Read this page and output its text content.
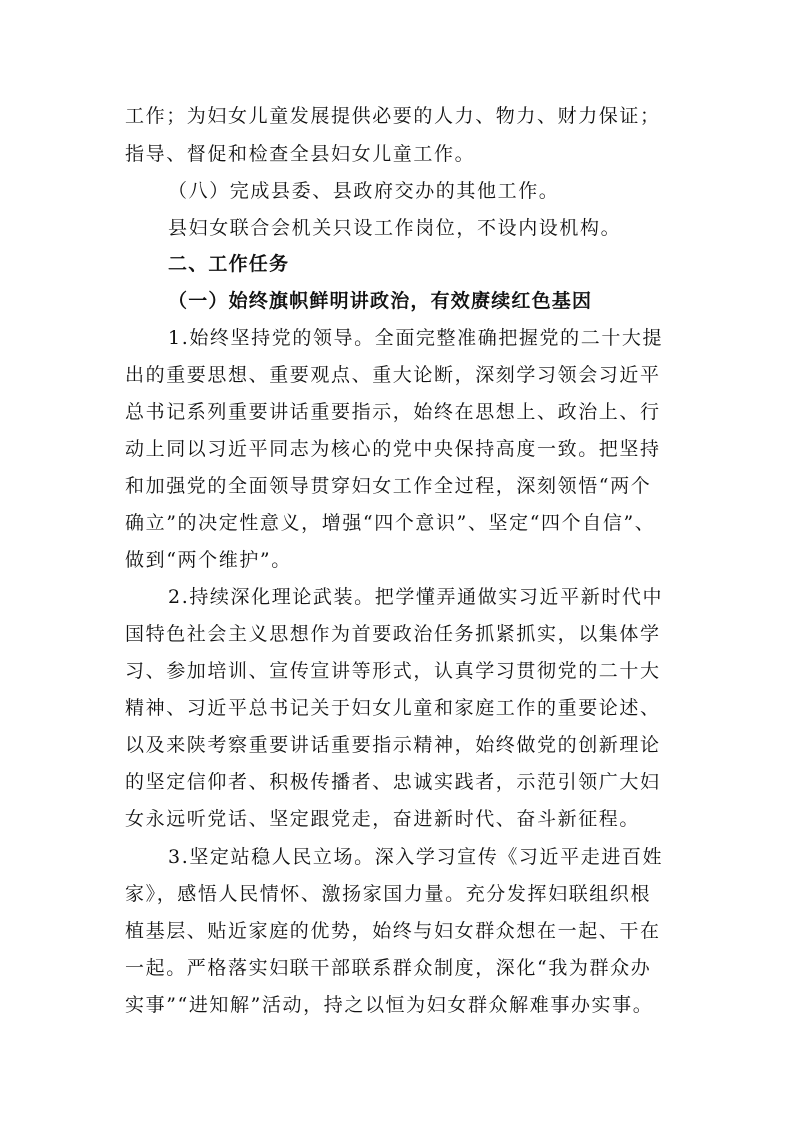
工作；为妇女儿童发展提供必要的人力、物力、财力保证；
指导、督促和检查全县妇女儿童工作。
（八）完成县委、县政府交办的其他工作。
县妇女联合会机关只设工作岗位，不设内设机构。
二、工作任务
（一）始终旗帜鲜明讲政治，有效赓续红色基因
1.始终坚持党的领导。全面完整准确把握党的二十大提
出的重要思想、重要观点、重大论断，深刻学习领会习近平
总书记系列重要讲话重要指示，始终在思想上、政治上、行
动上同以习近平同志为核心的党中央保持高度一致。把坚持
和加强党的全面领导贯穿妇女工作全过程，深刻领悟“两个
确立”的决定性意义，增强“四个意识”、坚定“四个自信”、
做到“两个维护”。
2.持续深化理论武装。把学懂弄通做实习近平新时代中
国特色社会主义思想作为首要政治任务抓紧抓实，以集体学
习、参加培训、宣传宣讲等形式，认真学习贯彻党的二十大
精神、习近平总书记关于妇女儿童和家庭工作的重要论述、
以及来陕考察重要讲话重要指示精神，始终做党的创新理论
的坚定信仰者、积极传播者、忠诚实践者，示范引领广大妇
女永远听党话、坚定跟党走，奋进新时代、奋斗新征程。
3.坚定站稳人民立场。深入学习宣传《习近平走进百姓
家》，感悟人民情怀、激扬家国力量。充分发挥妇联组织根
植基层、贴近家庭的优势，始终与妇女群众想在一起、干在
一起。严格落实妇联干部联系群众制度，深化“我为群众办
实事”“进知解”活动，持之以恒为妇女群众解难事办实事。
